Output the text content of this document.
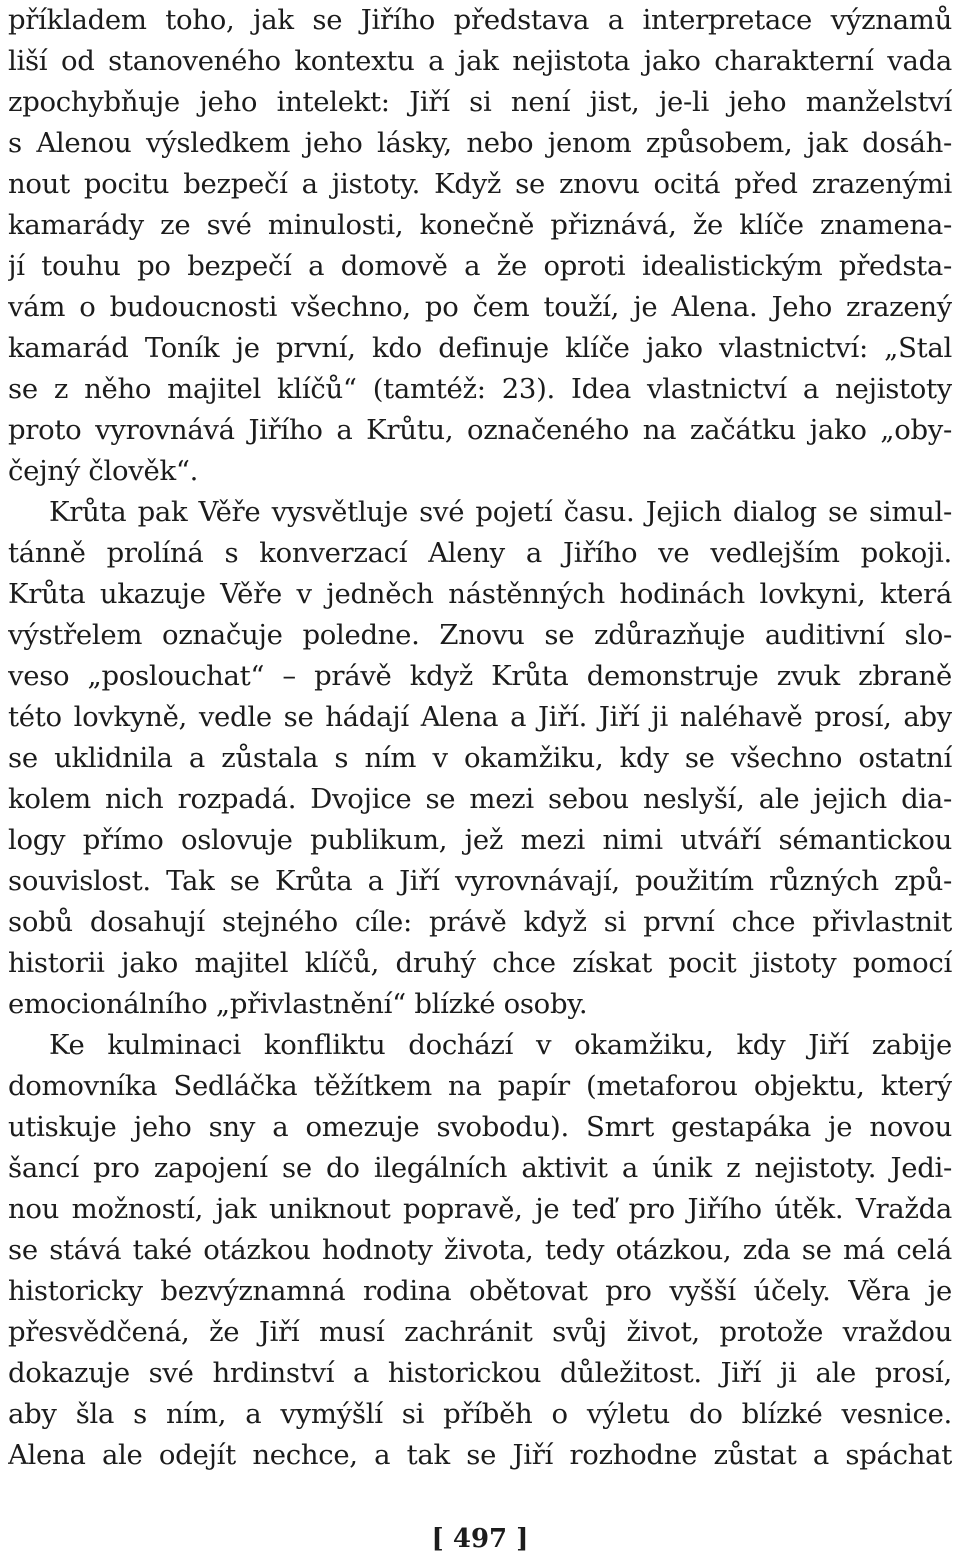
příkladem toho, jak se Jiřího představa a interpretace významů
liší od stanoveného kontextu a jak nejistota jako charakterní vada
zpochybňuje jeho intelekt: Jiří si není jist, je-li jeho manželství
s Alenou výsledkem jeho lásky, nebo jenom způsobem, jak dosáh-
nout pocitu bezpečí a jistoty. Když se znovu ocitá před zrazenými
kamarády ze své minulosti, konečně přiznává, že klíče znamena-
jí touhu po bezpečí a domově a že oproti idealistickým předsta-
vám o budoucnosti všechno, po čem touží, je Alena. Jeho zrazený
kamarád Toník je první, kdo definuje klíče jako vlastnictví: „Stal
se z něho majitel klíčů“ (tamtéž: 23). Idea vlastnictví a nejistoty
proto vyrovnává Jiřího a Krůtu, označeného na začátku jako „oby-
čejný člověk“.
Krůta pak Věře vysvětluje své pojetí času. Jejich dialog se simul-
tánně prolíná s konverzací Aleny a Jiřího ve vedlejším pokoji.
Krůta ukazuje Věře v jedněch nástěnných hodinách lovkyni, která
výstřelem označuje poledne. Znovu se zdůrazňuje auditivní slo-
veso „poslouchat“ – právě když Krůta demonstruje zvuk zbraně
této lovkyně, vedle se hádají Alena a Jiří. Jiří ji naléhavě prosí, aby
se uklidnila a zůstala s ním v okamžiku, kdy se všechno ostatní
kolem nich rozpadá. Dvojice se mezi sebou neslyší, ale jejich dia-
logy přímo oslovuje publikum, jež mezi nimi utváří sémantickou
souvislost. Tak se Krůta a Jiří vyrovnávají, použitím různých způ-
sobů dosahují stejného cíle: právě když si první chce přivlastnit
historii jako majitel klíčů, druhý chce získat pocit jistoty pomocí
emocionálního „přivlastnění“ blízké osoby.
Ke kulminaci konfliktu dochází v okamžiku, kdy Jiří zabije
domovníka Sedláčka těžítkem na papír (metaforou objektu, který
utiskuje jeho sny a omezuje svobodu). Smrt gestapáka je novou
šancí pro zapojení se do ilegálních aktivit a únik z nejistoty. Jedi-
nou možností, jak uniknout popravě, je teď pro Jiřího útěk. Vražda
se stává také otázkou hodnoty života, tedy otázkou, zda se má celá
historicky bezvýznamná rodina obětovat pro vyšší účely. Věra je
přesvědčená, že Jiří musí zachránit svůj život, protože vraždou
dokazuje své hrdinství a historickou důležitost. Jiří ji ale prosí,
aby šla s ním, a vymýšlí si příběh o výletu do blízké vesnice.
Alena ale odejít nechce, a tak se Jiří rozhodne zůstat a spáchat
[ 497 ]
